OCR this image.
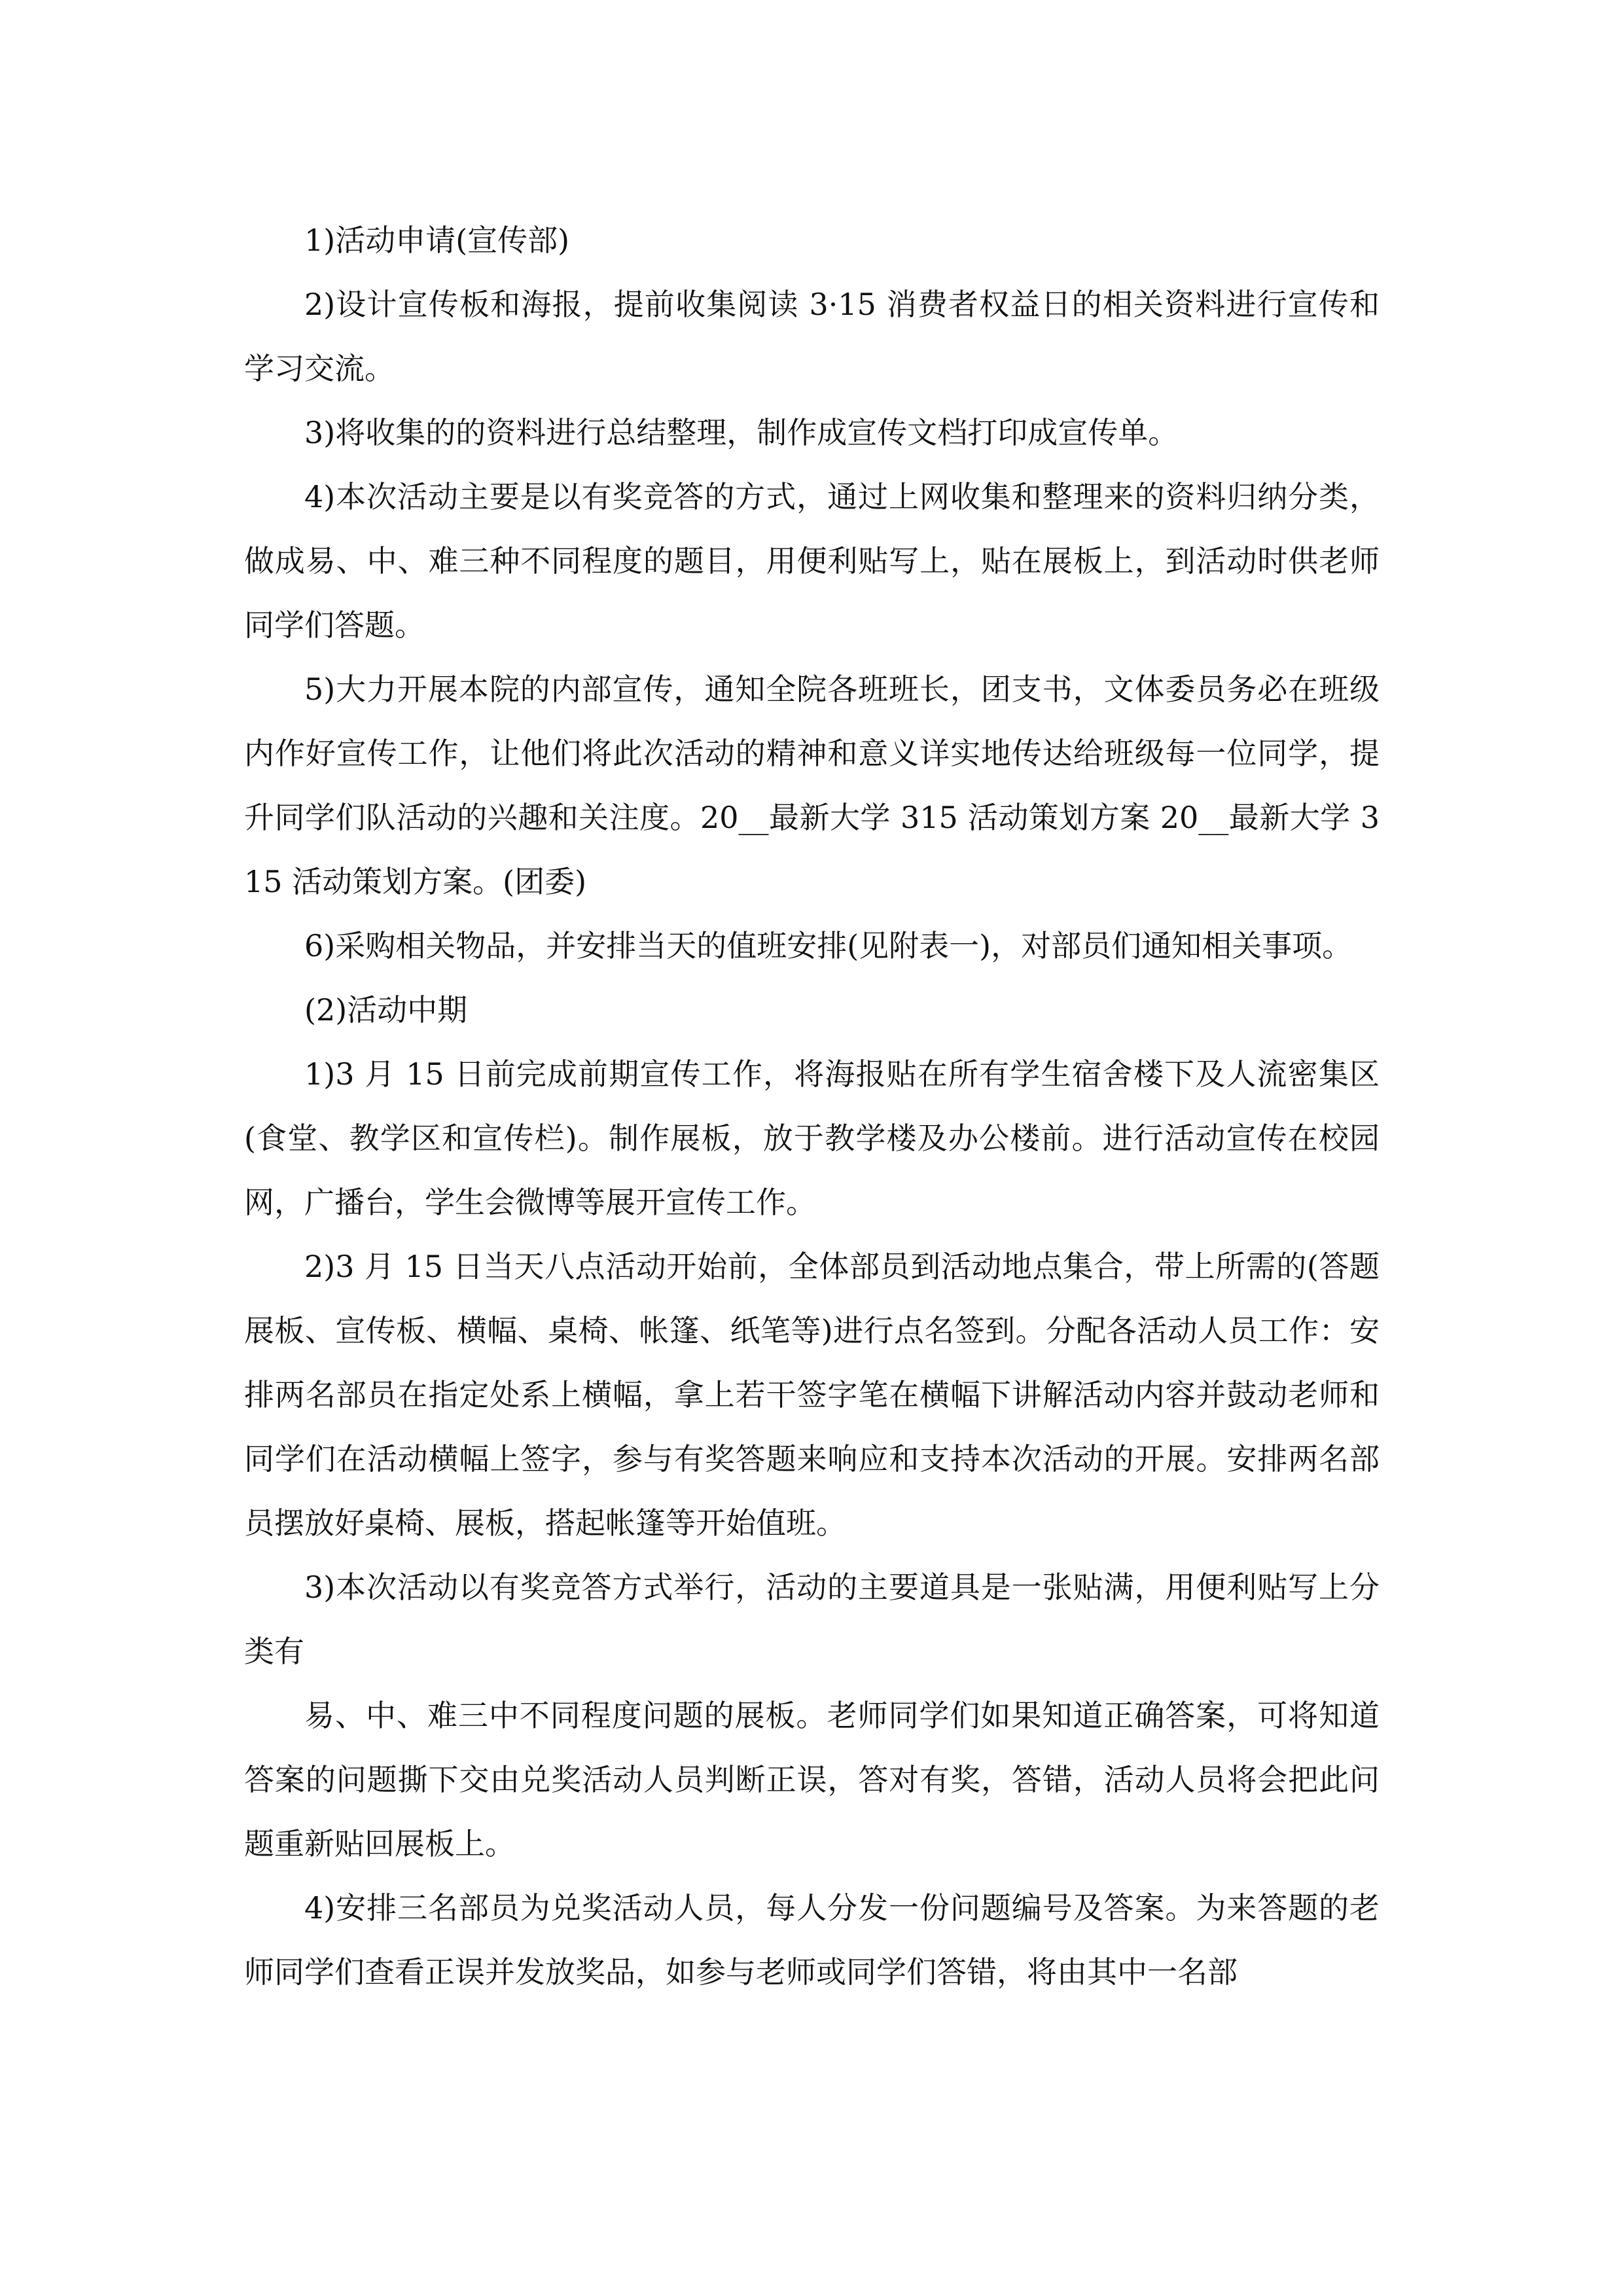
1)活动申请(宣传部)

2)设计宣传板和海报，提前收集阅读 3·15 消费者权益日的相关资料进行宣传和学习交流。

3)将收集的的资料进行总结整理，制作成宣传文档打印成宣传单。

4)本次活动主要是以有奖竞答的方式，通过上网收集和整理来的资料归纳分类，做成易、中、难三种不同程度的题目，用便利贴写上，贴在展板上，到活动时供老师同学们答题。

5)大力开展本院的内部宣传，通知全院各班班长，团支书，文体委员务必在班级内作好宣传工作，让他们将此次活动的精神和意义详实地传达给班级每一位同学，提升同学们队活动的兴趣和关注度。20__最新大学 315 活动策划方案 20__最新大学 315 活动策划方案。(团委)

6)采购相关物品，并安排当天的值班安排(见附表一)，对部员们通知相关事项。

(2)活动中期

1)3 月 15 日前完成前期宣传工作，将海报贴在所有学生宿舍楼下及人流密集区(食堂、教学区和宣传栏)。制作展板，放于教学楼及办公楼前。进行活动宣传在校园网，广播台，学生会微博等展开宣传工作。

2)3 月 15 日当天八点活动开始前，全体部员到活动地点集合，带上所需的(答题展板、宣传板、横幅、桌椅、帐篷、纸笔等)进行点名签到。分配各活动人员工作：安排两名部员在指定处系上横幅，拿上若干签字笔在横幅下讲解活动内容并鼓动老师和同学们在活动横幅上签字，参与有奖答题来响应和支持本次活动的开展。安排两名部员摆放好桌椅、展板，搭起帐篷等开始值班。

3)本次活动以有奖竞答方式举行，活动的主要道具是一张贴满，用便利贴写上分类有

易、中、难三中不同程度问题的展板。老师同学们如果知道正确答案，可将知道答案的问题撕下交由兑奖活动人员判断正误，答对有奖，答错，活动人员将会把此问题重新贴回展板上。

4)安排三名部员为兑奖活动人员，每人分发一份问题编号及答案。为来答题的老师同学们查看正误并发放奖品，如参与老师或同学们答错，将由其中一名部
